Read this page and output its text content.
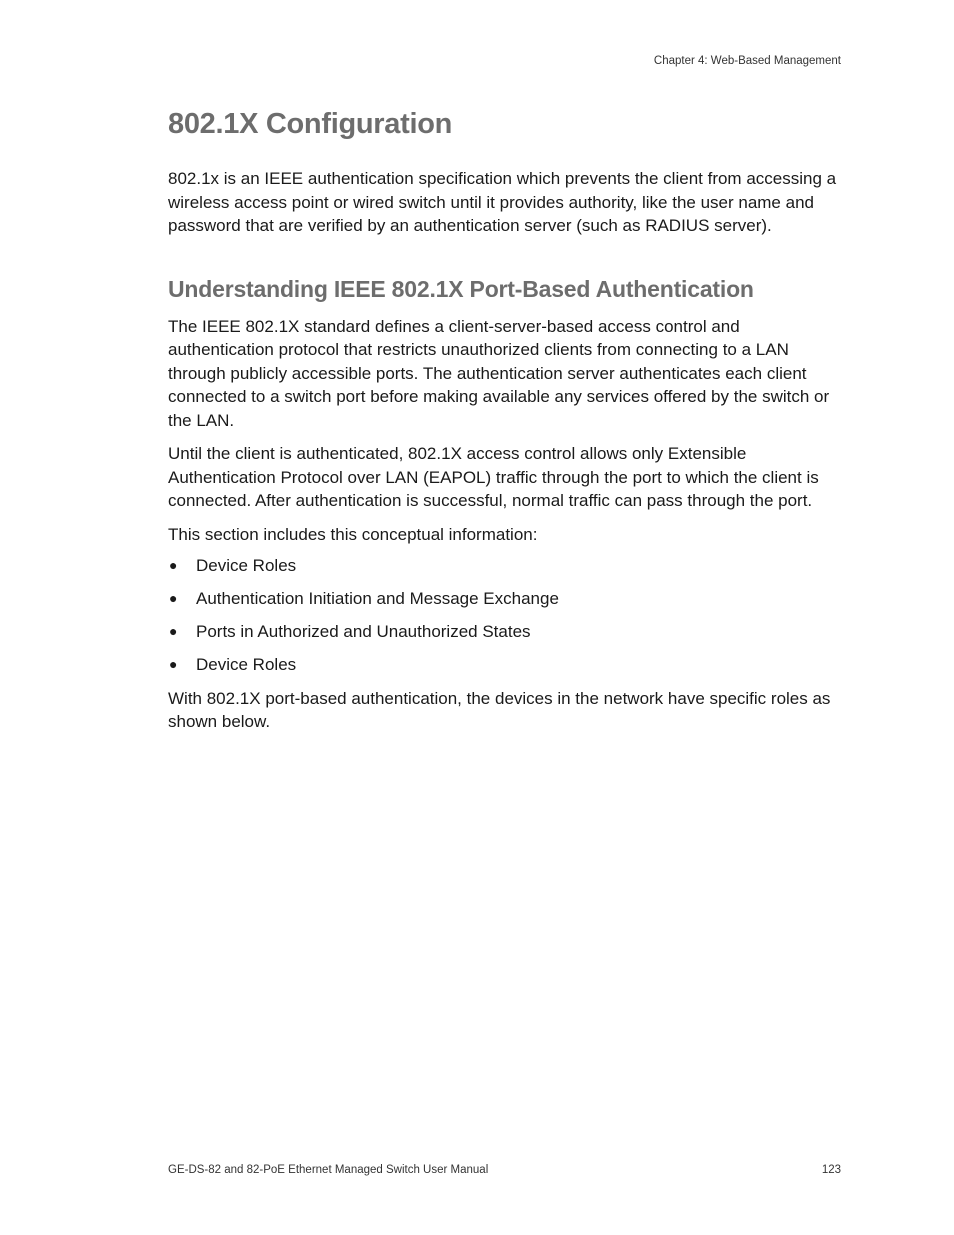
Chapter 4: Web-Based Management
802.1X Configuration

802.1x is an IEEE authentication specification which prevents the client from accessing a wireless access point or wired switch until it provides authority, like the user name and password that are verified by an authentication server (such as RADIUS server).

Understanding IEEE 802.1X Port-Based Authentication

The IEEE 802.1X standard defines a client-server-based access control and authentication protocol that restricts unauthorized clients from connecting to a LAN through publicly accessible ports. The authentication server authenticates each client connected to a switch port before making available any services offered by the switch or the LAN.

Until the client is authenticated, 802.1X access control allows only Extensible Authentication Protocol over LAN (EAPOL) traffic through the port to which the client is connected. After authentication is successful, normal traffic can pass through the port.

This section includes this conceptual information:

● Device Roles
● Authentication Initiation and Message Exchange
● Ports in Authorized and Unauthorized States
● Device Roles

With 802.1X port-based authentication, the devices in the network have specific roles as shown below.

GE-DS-82 and 82-PoE Ethernet Managed Switch User Manual	123
